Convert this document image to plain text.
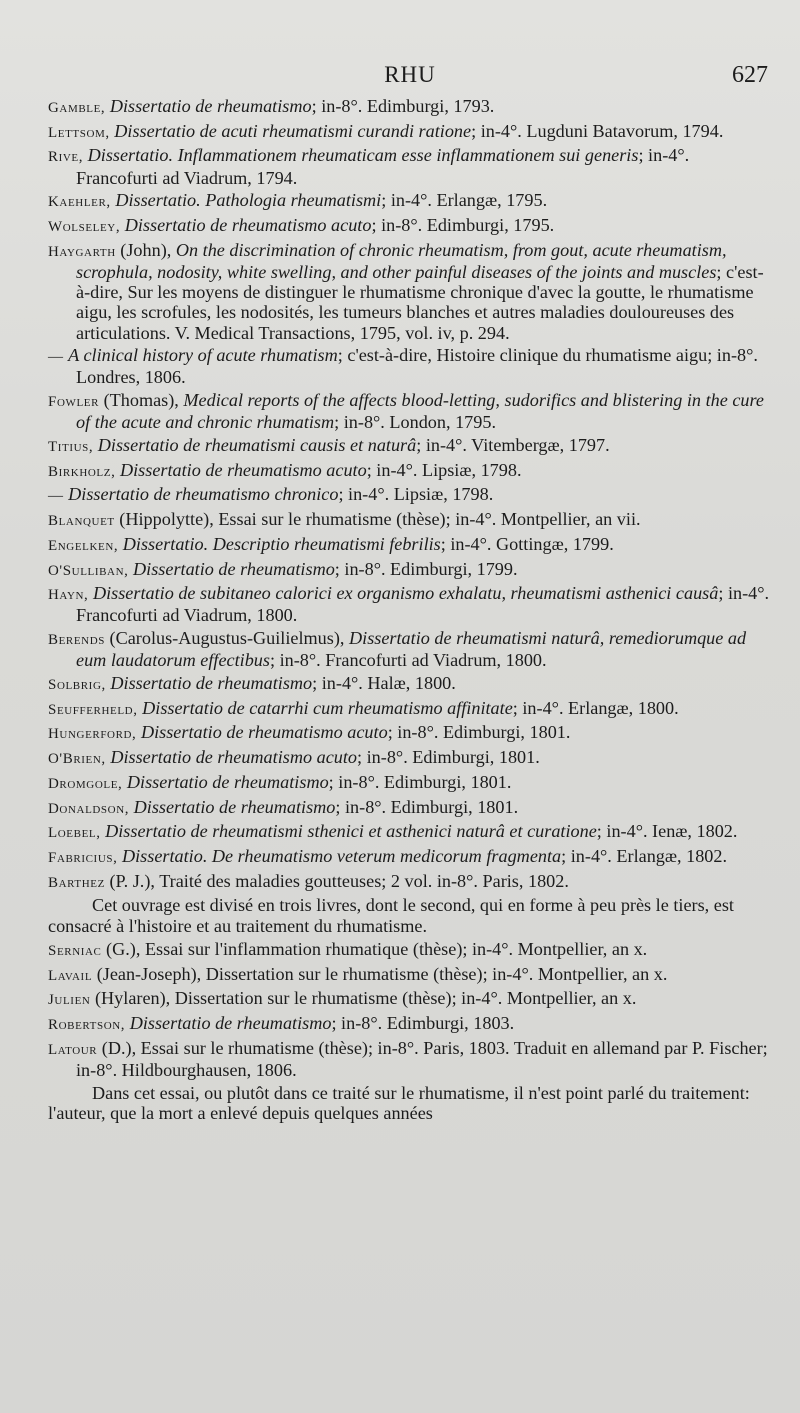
RHU	627

Gamble, Dissertatio de rheumatismo; in-8°. Edimburgi, 1793.

Lettsom, Dissertatio de acuti rheumatismi curandi ratione; in-4°. Lugduni Batavorum, 1794.

Rive, Dissertatio. Inflammationem rheumaticam esse inflammationem sui generis; in-4°. Francofurti ad Viadrum, 1794.

Kaehler, Dissertatio. Pathologia rheumatismi; in-4°. Erlangæ, 1795.

Wolseley, Dissertatio de rheumatismo acuto; in-8°. Edimburgi, 1795.

Haygarth (John), On the discrimination of chronic rheumatism, from gout, acute rheumatism, scrophula, nodosity, white swelling, and other painful diseases of the joints and muscles; c'est-à-dire, Sur les moyens de distinguer le rhumatisme chronique d'avec la goutte, le rhumatisme aigu, les scrofules, les nodosités, les tumeurs blanches et autres maladies douloureuses des articulations. V. Medical Transactions, 1795, vol. iv, p. 294.

— A clinical history of acute rhumatism; c'est-à-dire, Histoire clinique du rhumatisme aigu; in-8°. Londres, 1806.

Fowler (Thomas), Medical reports of the affects blood-letting, sudorifics and blistering in the cure of the acute and chronic rhumatism; in-8°. London, 1795.

Titius, Dissertatio de rheumatismi causis et naturâ; in-4°. Vitembergæ, 1797.

Birkholz, Dissertatio de rheumatismo acuto; in-4°. Lipsiæ, 1798.

— Dissertatio de rheumatismo chronico; in-4°. Lipsiæ, 1798.

Blanquet (Hippolytte), Essai sur le rhumatisme (thèse); in-4°. Montpellier, an vii.

Engelken, Dissertatio. Descriptio rheumatismi febrilis; in-4°. Gottingæ, 1799.

O'Sulliban, Dissertatio de rheumatismo; in-8°. Edimburgi, 1799.

Hayn, Dissertatio de subitaneo calorici ex organismo exhalatu, rheumatismi asthenici causâ; in-4°. Francofurti ad Viadrum, 1800.

Berends (Carolus-Augustus-Guilielmus), Dissertatio de rheumatismi naturâ, remediorumque ad eum laudatorum effectibus; in-8°. Francofurti ad Viadrum, 1800.

Solbrig, Dissertatio de rheumatismo; in-4°. Halæ, 1800.

Seufferheld, Dissertatio de catarrhi cum rheumatismo affinitate; in-4°. Erlangæ, 1800.

Hungerford, Dissertatio de rheumatismo acuto; in-8°. Edimburgi, 1801.

O'Brien, Dissertatio de rheumatismo acuto; in-8°. Edimburgi, 1801.

Dromgole, Dissertatio de rheumatismo; in-8°. Edimburgi, 1801.

Donaldson, Dissertatio de rheumatismo; in-8°. Edimburgi, 1801.

Loebel, Dissertatio de rheumatismi sthenici et asthenici naturâ et curatione; in-4°. Ienæ, 1802.

Fabricius, Dissertatio. De rheumatismo veterum medicorum fragmenta; in-4°. Erlangæ, 1802.

Barthez (P. J.), Traité des maladies goutteuses; 2 vol. in-8°. Paris, 1802.

Cet ouvrage est divisé en trois livres, dont le second, qui en forme à peu près le tiers, est consacré à l'histoire et au traitement du rhumatisme.

Serniac (G.), Essai sur l'inflammation rhumatique (thèse); in-4°. Montpellier, an x.

Lavail (Jean-Joseph), Dissertation sur le rhumatisme (thèse); in-4°. Montpellier, an x.

Julien (Hylaren), Dissertation sur le rhumatisme (thèse); in-4°. Montpellier, an x.

Robertson, Dissertatio de rheumatismo; in-8°. Edimburgi, 1803.

Latour (D.), Essai sur le rhumatisme (thèse); in-8°. Paris, 1803. Traduit en allemand par P. Fischer; in-8°. Hildbourghausen, 1806.

Dans cet essai, ou plutôt dans ce traité sur le rhumatisme, il n'est point parlé du traitement: l'auteur, que la mort a enlevé depuis quelques années
